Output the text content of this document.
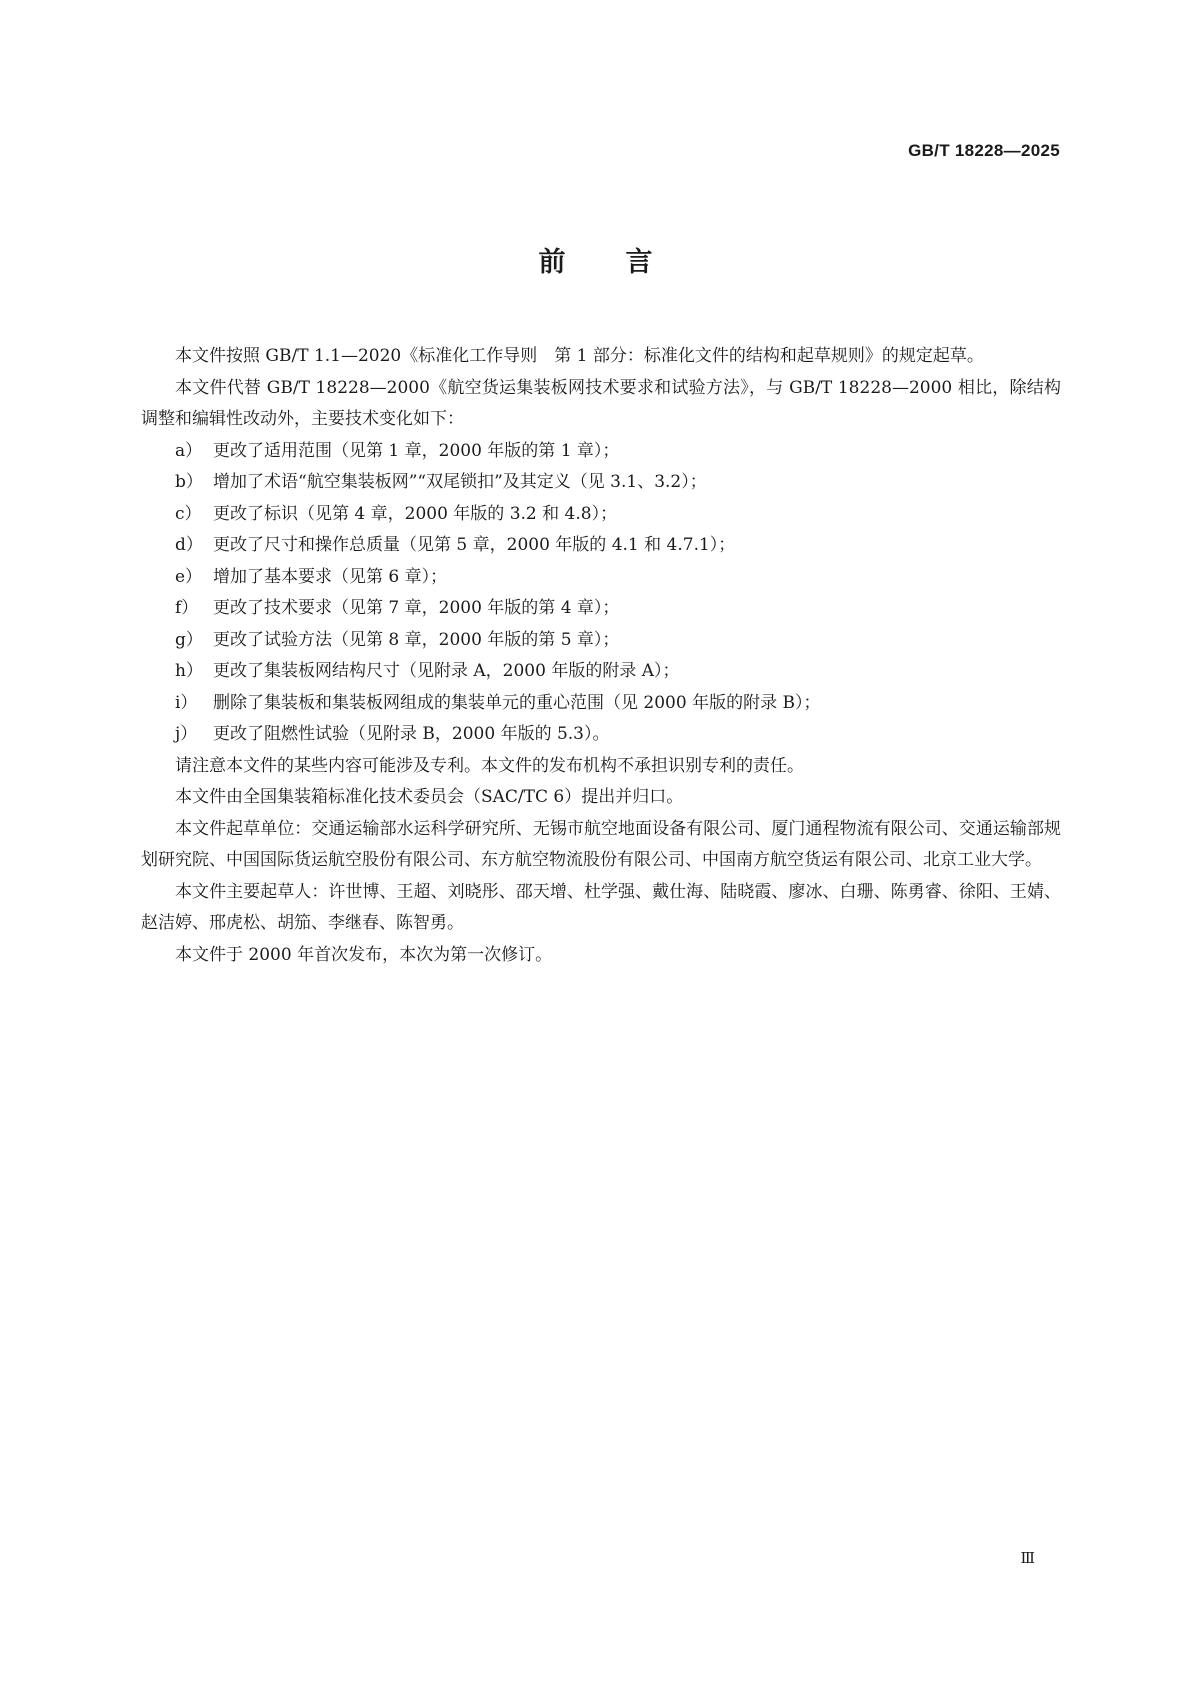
GB/T 18228—2025
前言

本文件按照 GB/T 1.1—2020《标准化工作导则　第 1 部分：标准化文件的结构和起草规则》的规定起草。

本文件代替 GB/T 18228—2000《航空货运集装板网技术要求和试验方法》，与 GB/T 18228—2000 相比，除结构调整和编辑性改动外，主要技术变化如下：

a） 更改了适用范围（见第 1 章，2000 年版的第 1 章）；
b） 增加了术语“航空集装板网”“双尾锁扣”及其定义（见 3.1、3.2）；
c） 更改了标识（见第 4 章，2000 年版的 3.2 和 4.8）；
d） 更改了尺寸和操作总质量（见第 5 章，2000 年版的 4.1 和 4.7.1）；
e） 增加了基本要求（见第 6 章）；
f） 更改了技术要求（见第 7 章，2000 年版的第 4 章）；
g） 更改了试验方法（见第 8 章，2000 年版的第 5 章）；
h） 更改了集装板网结构尺寸（见附录 A，2000 年版的附录 A）；
i） 删除了集装板和集装板网组成的集装单元的重心范围（见 2000 年版的附录 B）；
j） 更改了阻燃性试验（见附录 B，2000 年版的 5.3）。

请注意本文件的某些内容可能涉及专利。本文件的发布机构不承担识别专利的责任。

本文件由全国集装箱标准化技术委员会（SAC/TC 6）提出并归口。

本文件起草单位：交通运输部水运科学研究所、无锡市航空地面设备有限公司、厦门通程物流有限公司、交通运输部规划研究院、中国国际货运航空股份有限公司、东方航空物流股份有限公司、中国南方航空货运有限公司、北京工业大学。

本文件主要起草人：许世博、王超、刘晓彤、邵天增、杜学强、戴仕海、陆晓霞、廖冰、白珊、陈勇睿、徐阳、王婧、赵洁婷、邢虎松、胡笳、李继春、陈智勇。

本文件于 2000 年首次发布，本次为第一次修订。

Ⅲ
